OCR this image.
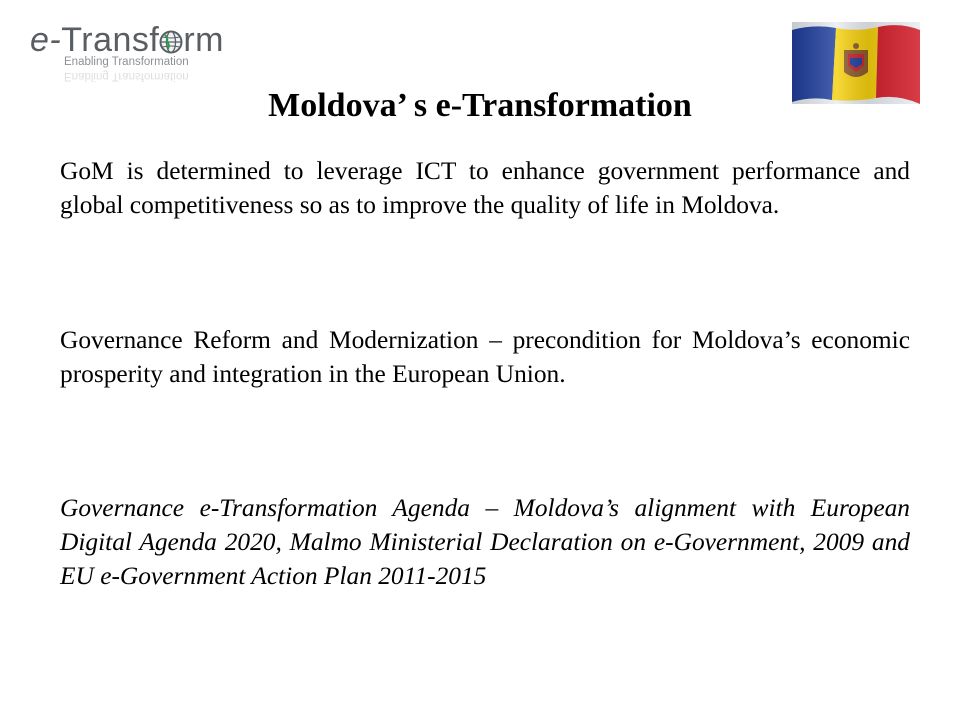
e-Transf rm
Enabling Transformation
Enabling Transformation
Moldova’ s e-Transformation

GoM is determined to leverage ICT to enhance government performance and global competitiveness so as to improve the quality of life in Moldova.

Governance Reform and Modernization – precondition for Moldova’s economic prosperity and integration in the European Union.

Governance e-Transformation Agenda – Moldova’s alignment with European Digital Agenda 2020, Malmo Ministerial Declaration on e-Government, 2009 and EU e-Government Action Plan 2011-2015
